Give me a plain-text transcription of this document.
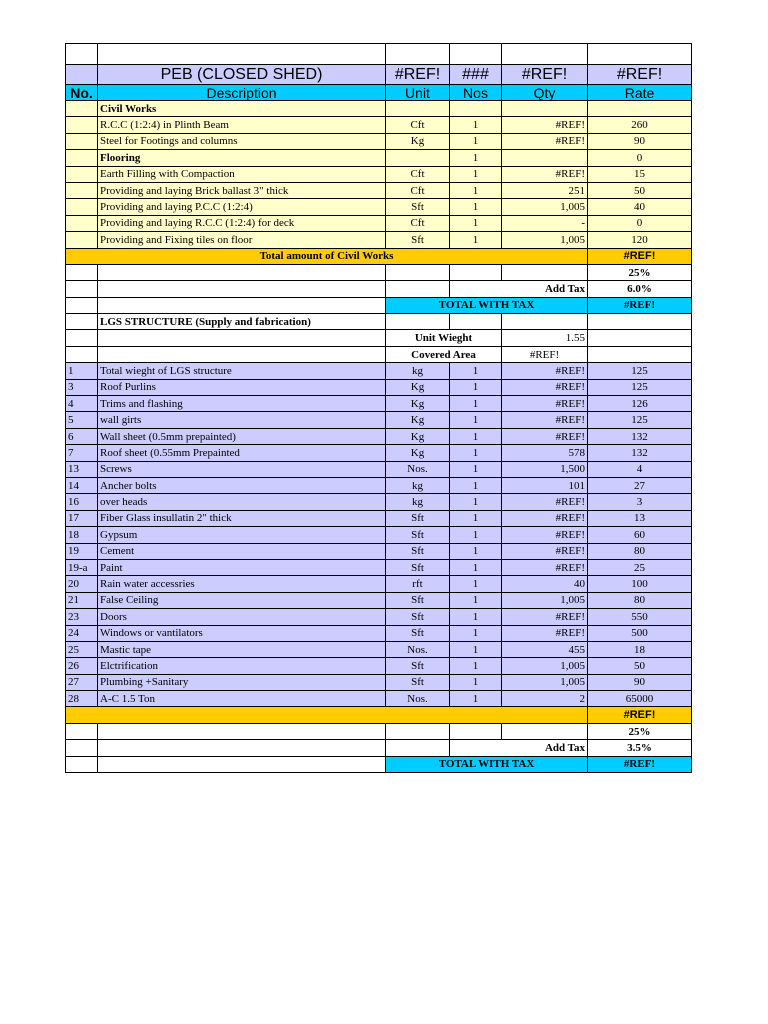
	PEB (CLOSED SHED)	#REF!	###	#REF!	#REF!
No.	Description	Unit	Nos	Qty	Rate
	Civil Works				
	R.C.C (1:2:4) in Plinth Beam	Cft	1	#REF!	260
	Steel for Footings and columns	Kg	1	#REF!	90
	Flooring		1		0
	Earth Filling with Compaction	Cft	1	#REF!	15
	Providing and laying Brick ballast 3" thick	Cft	1	251	50
	Providing and laying P.C.C (1:2:4)	Sft	1	1,005	40
	Providing and laying R.C.C (1:2:4) for deck	Cft	1	-	0
	Providing and Fixing tiles on floor	Sft	1	1,005	120
Total amount of Civil Works					#REF!
					25%
			Add Tax		6.0%
		TOTAL WITH TAX			#REF!
	LGS STRUCTURE (Supply and fabrication)				
		Unit Wieght		1.55	
		Covered Area		#REF!	
1	Total wieght of LGS structure	kg	1	#REF!	125
3	Roof Purlins	Kg	1	#REF!	125
4	Trims and flashing	Kg	1	#REF!	126
5	wall girts	Kg	1	#REF!	125
6	Wall sheet (0.5mm prepainted)	Kg	1	#REF!	132
7	Roof sheet (0.55mm Prepainted	Kg	1	578	132
13	Screws	Nos.	1	1,500	4
14	Ancher bolts	kg	1	101	27
16	over heads	kg	1	#REF!	3
17	Fiber Glass insullatin 2" thick	Sft	1	#REF!	13
18	Gypsum	Sft	1	#REF!	60
19	Cement	Sft	1	#REF!	80
19-a	Paint	Sft	1	#REF!	25
20	Rain water accessries	rft	1	40	100
21	False Ceiling	Sft	1	1,005	80
23	Doors	Sft	1	#REF!	550
24	Windows or vantilators	Sft	1	#REF!	500
25	Mastic tape	Nos.	1	455	18
26	Elctrification	Sft	1	1,005	50
27	Plumbing +Sanitary	Sft	1	1,005	90
28	A-C 1.5 Ton	Nos.	1	2	65000
					#REF!
					25%
			Add Tax		3.5%
		TOTAL WITH TAX			#REF!
